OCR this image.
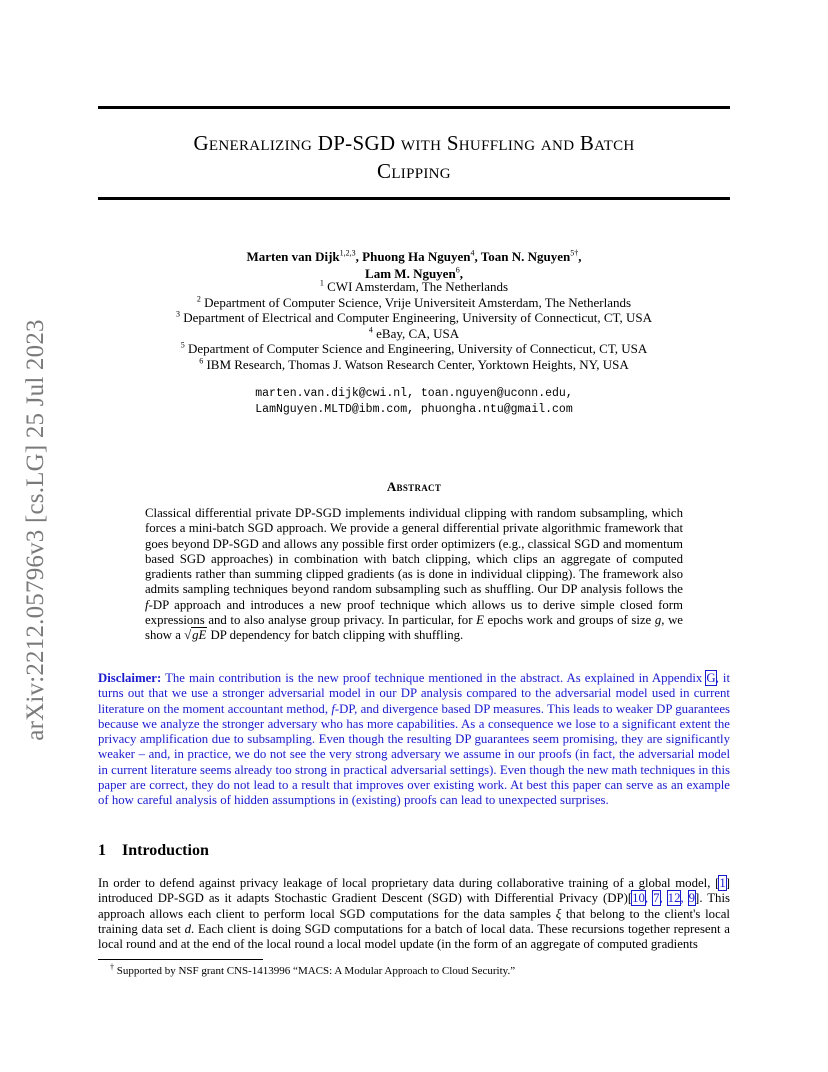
arXiv:2212.05796v3 [cs.LG] 25 Jul 2023
Generalizing DP-SGD with Shuffling and Batch
Clipping
Marten van Dijk$^{1,2,3}$, Phuong Ha Nguyen$^4$, Toan N. Nguyen$^{5\dagger}$,
Lam M. Nguyen$^6$,
$^1$ CWI Amsterdam, The Netherlands
$^2$ Department of Computer Science, Vrije Universiteit Amsterdam, The Netherlands
$^3$ Department of Electrical and Computer Engineering, University of Connecticut, CT, USA
$^4$ eBay, CA, USA
$^5$ Department of Computer Science and Engineering, University of Connecticut, CT, USA
$^6$ IBM Research, Thomas J. Watson Research Center, Yorktown Heights, NY, USA
marten.van.dijk@cwi.nl, toan.nguyen@uconn.edu,
LamNguyen.MLTD@ibm.com, phuongha.ntu@gmail.com
Abstract

Classical differential private DP-SGD implements individual clipping with random subsampling, which forces a mini-batch SGD approach. We provide a general differential private algorithmic framework that goes beyond DP-SGD and allows any possible first order optimizers (e.g., classical SGD and momentum based SGD approaches) in combination with batch clipping, which clips an aggregate of computed gradients rather than summing clipped gradients (as is done in individual clipping). The framework also admits sampling techniques beyond random subsampling such as shuffling. Our DP analysis follows the f-DP approach and introduces a new proof technique which allows us to derive simple closed form expressions and to also analyse group privacy. In particular, for E epochs work and groups of size g, we show a √gE DP dependency for batch clipping with shuffling.

Disclaimer: The main contribution is the new proof technique mentioned in the abstract. As explained in Appendix G, it turns out that we use a stronger adversarial model in our DP analysis compared to the adversarial model used in current literature on the moment accountant method, f-DP, and divergence based DP measures. This leads to weaker DP guarantees because we analyze the stronger adversary who has more capabilities. As a consequence we lose to a significant extent the privacy amplification due to subsampling. Even though the resulting DP guarantees seem promising, they are significantly weaker – and, in practice, we do not see the very strong adversary we assume in our proofs (in fact, the adversarial model in current literature seems already too strong in practical adversarial settings). Even though the new math techniques in this paper are correct, they do not lead to a result that improves over existing work. At best this paper can serve as an example of how careful analysis of hidden assumptions in (existing) proofs can lead to unexpected surprises.

1 Introduction

In order to defend against privacy leakage of local proprietary data during collaborative training of a global model, [1] introduced DP-SGD as it adapts Stochastic Gradient Descent (SGD) with Differential Privacy (DP)[10, 7, 12, 9]. This approach allows each client to perform local SGD computations for the data samples ξ that belong to the client's local training data set d. Each client is doing SGD computations for a batch of local data. These recursions together represent a local round and at the end of the local round a local model update (in the form of an aggregate of computed gradients

† Supported by NSF grant CNS-1413996 “MACS: A Modular Approach to Cloud Security.”
